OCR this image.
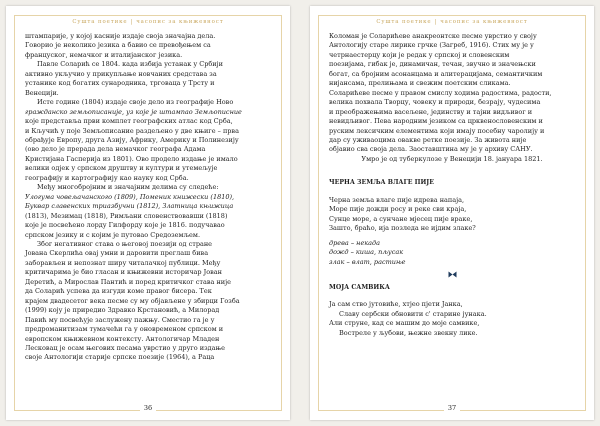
Сушта поетике | часопис за књижевност
36

штампарије, у којој касније издаје своја значајна дела.

Говорио је неколико језика а бавио се превођењем са

француског, немачког и италијанског језика.

Павле Соларић се 1804. када избија устанак у Србији

активно укључио у прикупљање новчаних средстава за

устанике код богатих сународника, трговаца у Трсту и

Венецији.

Исте године (1804) издаје своје дело из географије Ново

гражданско земљописаније, уз које је штампао Земљописние

које представља први комплет географских атлас код Срба,

и Кључић у поје Земљописание раздељено у две књиге – прва

обрађује Европу, друга Азију, Африку, Америку и Полинезију

(ово дело је прерада дела немачког географа Адама

Кристијана Гасперија из 1801). Ово продело издање је имало

велики одјек у српском друштву и култури и утемељује

географију и картографију као науку код Срба.

Међу многобројним и значајним делима су следеће:

Улогума човељачанского (1809), Поменик книжески (1810),

Букваp славенских триазбучни (1812), Златница књижица

(1813), Мезимац (1818), Римљани словенствовавши (1818)

које је посвећено лорду Гилфорду које је 1816. подучавао

српском језику и с којим је путовао Средоземљем.

Због негативног става о његовој поезији од стране

Јована Скерлића овај умни и даровити преглаш бива

заборављен и непознат ширу читалачкој публици. Међу

критичарима је био гласан и књижевни историчар Јован

Деретић, а Мирослав Пантић и поред критичког става није

да Соларић успева да изгуди коме правог бисера. Тек

крајем двадесетог века песме су му објављене у збирци Гозба

(1999) коју је приредио Здравко Крстановић, а Милорад

Павић му посвећује заслужену пажњу. Сместио га је у

предроманитизам тумачећи га у оновременом српском и

европском књижевном контексту. Антологичар Младен

Лесковац је осам његових песама уврстио у друго издање

своје Антологији старије српске поезије (1964), а Раца

Сушта поетике | часопис за књижевност
37

Коломан је Соларићеве анакреонтске песме уврстио у своју

Антологију старе лирике грчке (Загреб, 1916). Стих му је у

четрнаестерцу који је редак у српској и словенским

поезијама, гибак је, динамичан, течан, звучно и значењски

богат, са бројним асонанцама и алитерацијама, семантичким

нијансама, прелињама и свежим поетским сликама.

Соларићеве песме у правом смислу ходима радостима, радости,

велика похвала Творцу, човеку и природи, безрају, чудесима

и преображењима васељене, јединству и тајни видљивог и

невидљивог. Пева народним језиком са црквенословенским и

руским лексичким елементима који имају посебну чаролију и

дар су уживаоцима овакве ретке поезије. За живота није

објавио сва своја дела. Заоставштина му је у архиву САНУ.

Умро је од туберкулозе у Венецији 18. јануара 1821.

ЧЕРНА ЗЕМЉА ВЛАГЕ ПИЈЕ

Черна земља влаге пије идрева напаја,

Море пије дожди росу и реке сви краја,

Сунце море, а сунчане мјесец пије враке,

Зашто, браћо, ија позледа не ијдим злаке?

древа – некада

дожд – киша, пљусак

злак – влат, растиње

МОЈА САМВИКА

Ја сам ство јутовиће, хтјео пјети Јанка,

Славу сербски обновити с' старине јунака.

Али струне, кад се машим до моје самвике,

Востреле у љубови, њежне звекну лике.
